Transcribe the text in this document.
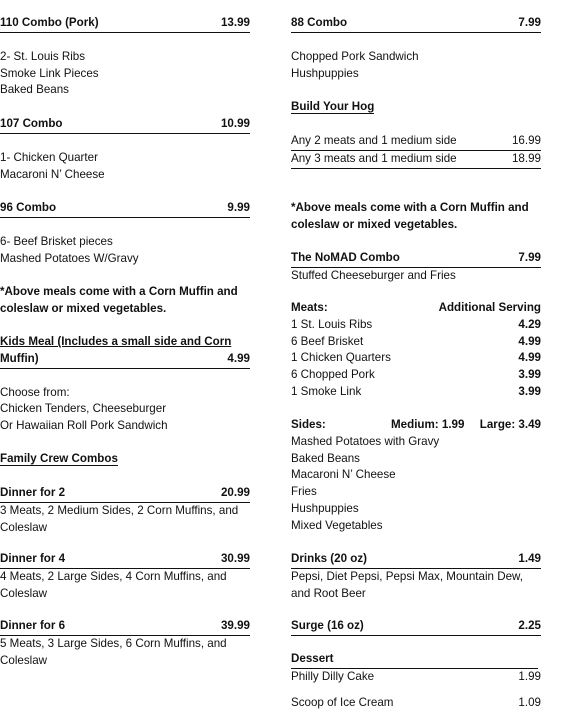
110 Combo (Pork)	13.99
2- St. Louis Ribs
Smoke Link Pieces
Baked Beans
107 Combo	10.99
1- Chicken Quarter
Macaroni N’ Cheese
96 Combo	9.99
6- Beef Brisket pieces
Mashed Potatoes W/Gravy
*Above meals come with a Corn Muffin and coleslaw or mixed vegetables.
Kids Meal (Includes a small side and Corn
Muffin)	4.99
Choose from:
Chicken Tenders, Cheeseburger
Or Hawaiian Roll Pork Sandwich
Family Crew Combos
Dinner for 2	20.99
3 Meats, 2 Medium Sides, 2 Corn Muffins, and
Coleslaw
Dinner for 4	30.99
4 Meats, 2 Large Sides, 4 Corn Muffins, and
Coleslaw
Dinner for 6	39.99
5 Meats, 3 Large Sides, 6 Corn Muffins, and
Coleslaw
88 Combo	7.99
Chopped Pork Sandwich
Hushpuppies
Build Your Hog
Any 2 meats and 1 medium side	16.99
Any 3 meats and 1 medium side	18.99
*Above meals come with a Corn Muffin and coleslaw or mixed vegetables.
The NoMAD Combo	7.99
Stuffed Cheeseburger and Fries
Meats:	Additional Serving
1 St. Louis Ribs	4.29
6 Beef Brisket	4.99
1 Chicken Quarters	4.99
6 Chopped Pork	3.99
1 Smoke Link	3.99
Sides:	Medium: 1.99 Large: 3.49
Mashed Potatoes with Gravy
Baked Beans
Macaroni N’ Cheese
Fries
Hushpuppies
Mixed Vegetables
Drinks (20 oz)	1.49
Pepsi, Diet Pepsi, Pepsi Max, Mountain Dew,
and Root Beer
Surge (16 oz)	2.25
Dessert
Philly Dilly Cake	1.99
Scoop of Ice Cream	1.09
